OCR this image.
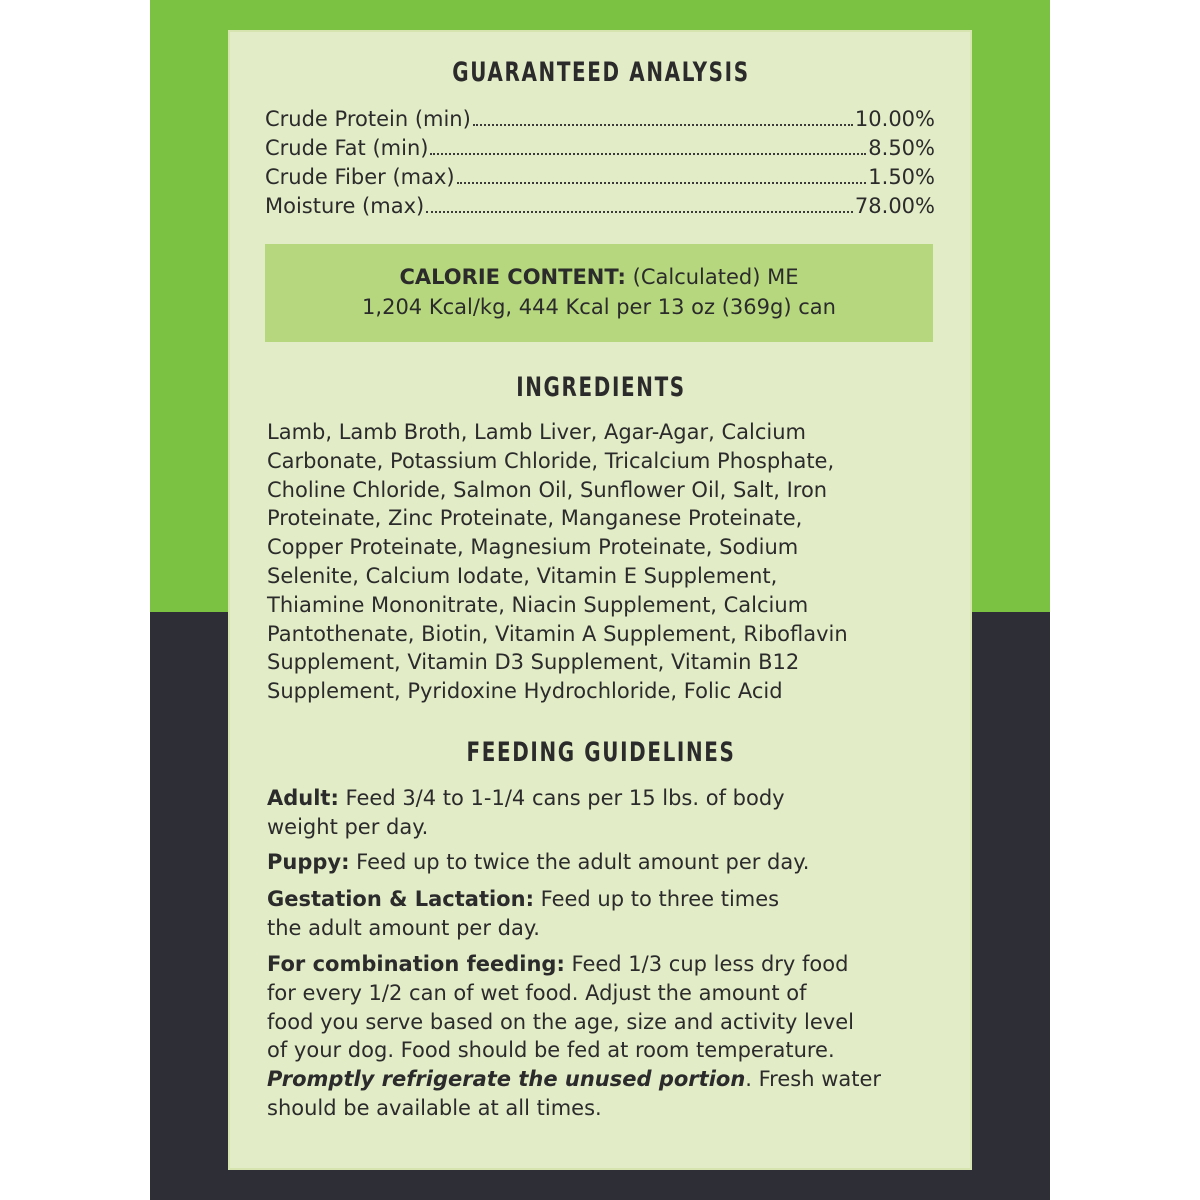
GUARANTEED ANALYSIS
Crude Protein (min)	10.00%
Crude Fat (min)	8.50%
Crude Fiber (max)	1.50%
Moisture (max)	78.00%
CALORIE CONTENT: (Calculated) ME
1,204 Kcal/kg, 444 Kcal per 13 oz (369g) can
INGREDIENTS
Lamb, Lamb Broth, Lamb Liver, Agar-Agar, Calcium
Carbonate, Potassium Chloride, Tricalcium Phosphate,
Choline Chloride, Salmon Oil, Sunflower Oil, Salt, Iron
Proteinate, Zinc Proteinate, Manganese Proteinate,
Copper Proteinate, Magnesium Proteinate, Sodium
Selenite, Calcium Iodate, Vitamin E Supplement,
Thiamine Mononitrate, Niacin Supplement, Calcium
Pantothenate, Biotin, Vitamin A Supplement, Riboflavin
Supplement, Vitamin D3 Supplement, Vitamin B12
Supplement, Pyridoxine Hydrochloride, Folic Acid
FEEDING GUIDELINES
Adult: Feed 3/4 to 1-1/4 cans per 15 lbs. of body
weight per day.
Puppy: Feed up to twice the adult amount per day.
Gestation & Lactation: Feed up to three times
the adult amount per day.
For combination feeding: Feed 1/3 cup less dry food
for every 1/2 can of wet food. Adjust the amount of
food you serve based on the age, size and activity level
of your dog. Food should be fed at room temperature.
Promptly refrigerate the unused portion. Fresh water
should be available at all times.
